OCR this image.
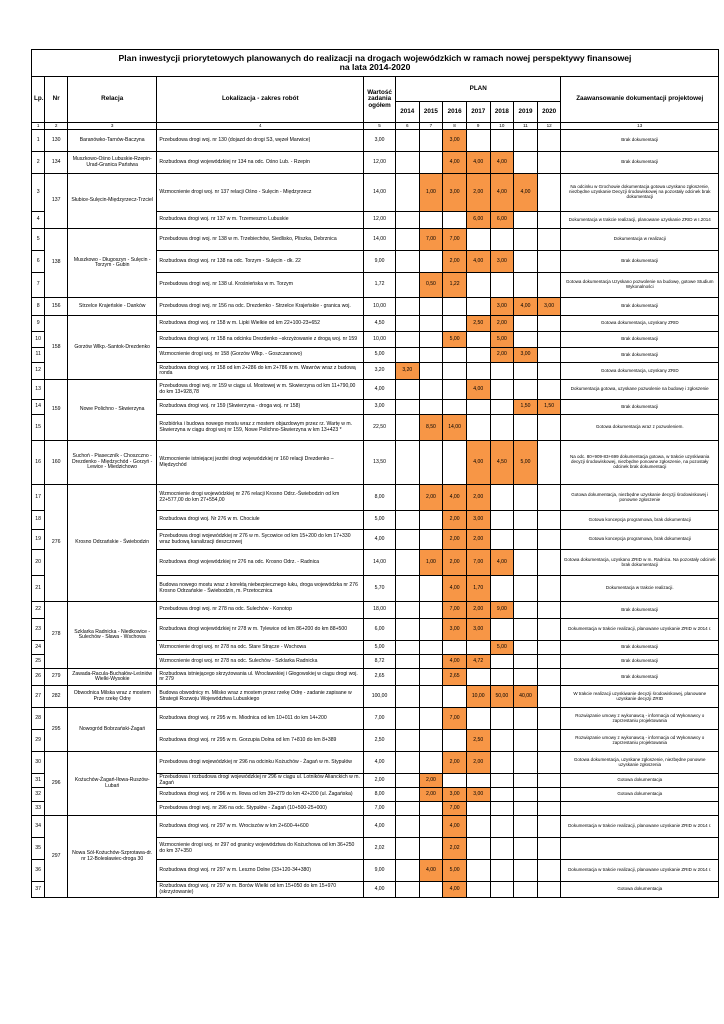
Plan inwestycji priorytetowych planowanych do realizacji na drogach wojewódzkich w ramach nowej perspektywy finansowej
na lata 2014-2020												

Lp.	Nr	Relacja	Lokalizacja - zakres robót	Wartość zadania ogółem	PLAN							Zaawansowanie dokumentacji projektowej
					2014	2015	2016	2017	2018	2019	2020	
1	2	3	4	5	6	7	8	9	10	11	12	13
1	130	Baranówko-Tarnów-Baczyna	Przebudowa drogi woj. nr 130 (dojazd do drogi S3, węzeł Marwice)	3,00			3,00					Brak dokumentacji
2	134	Muszkowo-Ośno Lubuskie-Rzepin-Urad-Granica Państwa	Rozbudowa drogi wojewódzkiej nr 134 na odc. Ośno Lub. - Rzepin	12,00			4,00	4,00	4,00			Brak dokumentacji
3	137	Słubice-Sulęcin-Międzyrzecz-Trzciel	Wzmocnienie drogi woj. nr 137 relacji Ośno - Sulęcin - Międzyrzecz	14,00		1,00	3,00	2,00	4,00	4,00		Na odcinku w Grochowie dokumentacja gotowa uzyskano zgłoszenie, niezbędne uzyskanie Decyzji środowiskowej na pozostały odcinek brak dokumentacji
4			Rozbudowa drogi woj. nr 137 w m. Trzemeszno Lubuskie	12,00				6,00	6,00			Dokumentacja w trakcie realizacji, planowane uzyskanie ZRID w I.2014
5	138	Muszkowo - Długoszyn - Sulęcin - Torzym - Gubin	Przebudowa drogi woj. nr 138 w m. Trzebiechów, Siedlisko, Pliszka, Debrznica	14,00		7,00	7,00					Dokumentacja w realizacji
6			Rozbudowa drogi woj. nr 138 na odc. Torzym - Sulęcin - dk. 22	9,00			2,00	4,00	3,00			Brak dokumentacji
7			Przebudowa drogi woj. nr 138 ul. Krośnieńska w m. Torzym	1,72		0,50	1,22					Gotowa dokumentacja Uzyskano pozwolenie na budowę, gotowe Studium Wykonalności
8	156	Strzelce Krajeńskie - Danków	Przebudowa drogi woj. nr 156 na odc. Drezdenko - Strzelce Krajeńskie - granica woj.	10,00					3,00	4,00	3,00	Brak dokumentacji
9	158	Gorzów Wlkp.-Santok-Drezdenko	Rozbudowa drogi woj. nr 158 w m. Lipki Wielkie od km 22+100-23+652	4,50				2,50	2,00			Gotowa dokumentacja, uzyskany ZRID
10			Rozbudowa drogi woj. nr 158 na odcinku Drezdenko –skrzyżowanie z drogą woj. nr 159	10,00			5,00		5,00			Brak dokumentacji
11			Wzmocnienie drogi woj. nr 158 (Gorzów Wlkp. - Goszczanowo)	5,00					2,00	3,00		Brak dokumentacji
12			Rozbudowa drogi woj. nr 158 od km 2+286 do km 2+786 w m. Wawrów wraz z budową ronda	3,20	3,20							Gotowa dokumentacja, uzyskany ZRID
13	159	Nowe Polichno - Skwierzyna	Przebudowa drogi woj. nr 159 w ciągu ul. Mostowej w m. Skwierzyna od km 11+790,00 do km 13+928,78	4,00				4,00				Dokumentacja gotowa, uzyskane pozwolenie na budowę i zgłoszenie
14			Rozbudowa drogi woj. nr 159 (Skwierzyna - droga woj. nr 158)	3,00						1,50	1,50	Brak dokumentacji
15			Rozbiórka i budowa nowego mostu wraz z mostem objazdowym przez rz. Wartę w m. Skwierzyna w ciągu drogi woj nr 159, Nowe Polichno-Skwierzyna w km 13+423 *	22,50		8,50	14,00					Gotowa dokumentacja wraz z pozwoleniem.
16	160	Suchoń - Piaseczník - Choszczno - Drezdenko - Międzychód - Gorzyń - Lewice - Miedzichowo	Wzmocnienie istniejącej jezdni drogi wojewódzkiej nr 160 relacji Drezdenko – Międzychód	13,50				4,00	4,50	5,00		Na odc. 80+909-83+699 dokumentacja gotowa, w trakcie uzyskiwania decyzji środowiskowej, niezbędne ponowne zgłoszenie, na pozostały odcinek brak dokumentacji
17	276	Krosno Odrzańskie - Świebodzin	Wzmocnienie drogi wojewódzkiej nr 276 relacji Krosno Odrz.-Świebodzin od km 22+577,00 do km 27+554,00	8,00		2,00	4,00	2,00				Gotowa dokumentacja, niezbędne uzyskanie decyzji środowiskowej i ponowne zgłoszenie
18			Rozbudowa drogi woj. Nr 276 w m. Chociule	5,00			2,00	3,00				Gotowa koncepcja programowa, brak dokumentacji
19			Przebudowa drogi wojewódzkiej nr 276 w m. Sycowice od km 15+200 do km 17+330 wraz budową kanalizacji deszczowej	4,00			2,00	2,00				Gotowa koncepcja programowa, brak dokumentacji
20			Rozbudowa drogi wojewódzkiej nr 276 na odc. Krosno Odrz. - Radnica	14,00		1,00	2,00	7,00	4,00			Gotowa dokumentacja, uzyskano ZRID w m. Radnica. Na pozostały odcinek brak dokumentacji
21			Budowa nowego mostu wraz z korektą niebezpiecznego łuku, droga wojewódzka nr 276 Krosno Odrzańskie - Świebodzin, m. Przetocznica	5,70			4,00	1,70				Dokumentacja w trakcie realizacji.
22	278	Szklarka Radnicka - Niedkowice - Sulechów - Sława - Wschowa	Przebudowa drogi woj. nr 278 na odc. Sulechów - Konotop	18,00			7,00	2,00	9,00			Brak dokumentacji
23			Rozbudowa drogi wojewódzkiej nr 278 w m. Tylewice od km 86+200 do km 88+500	6,00			3,00	3,00				Dokumentacja w trakcie realizacji, planowane uzyskanie ZRID w 2014 r.
24			Wzmocnienie drogi woj. nr 278 na odc. Stare Strącze - Wschowa	5,00					5,00			Brak dokumentacji
25			Wzmocnienie drogi woj. nr 278 na odc. Sulechów - Szklarka Radnicka	8,72			4,00	4,72				Brak dokumentacji
26	279	Zawada-Racula-Buchałów-Leśniów Wielki-Wysokie	Rozbudowa istniejącego skrzyżowania ul. Wrocławskiej i Głogowskiej w ciągu drogi woj. nr 279	2,65			2,65					Brak dokumentacji
27	282	Obwodnica Milska wraz z mostem Prze rzekę Odrę	Budowa obwodnicy m. Milsko wraz z mostem przez rzekę Odrę - zadanie zapisane w Strategii Rozwoju Województwa Lubuskiego	100,00				10,00	50,00	40,00		W trakcie realizacji uzyskiwanie decyzji środowiskowej, planowane uzyskanie decyzji ZRID
28	295	Nowogród Bobrzański-Żagań	Rozbudowa drogi woj. nr 295 w m. Miodnica od km 10+011 do km 14+200	7,00			7,00					Rozwiązanie umowy z wykonawcą - informacja od Wykonawcy o zaprzestaniu projektowania
29			Rozbudowa drogi woj. nr 295 w m. Gorzupia Dolna od km 7+810 do km 8+389	2,50				2,50				Rozwiązanie umowy z wykonawcą - informacja od Wykonawcy o zaprzestaniu projektowania
30	296	Kożuchów-Żagań-Iłowa-Ruszów-Lubań	Przebudowa drogi wojewódzkiej nr 296 na odcinku Kożuchów - Żagań w m. Stypułów	4,00			2,00	2,00				Gotowa dokumentacja, uzyskane zgłoszenie, niezbędne ponowne uzyskanie zgłoszenia
31			Przebudowa i rozbudowa drogi wojewódzkiej nr 296 w ciągu ul. Lotników Alianckich w m. Żagań	2,00		2,00						Gotowa dokumentacja
32			Rozbudowa drogi woj. nr 296 w m. Iłowa od km 39+279 do km 42+200 (ul. Żagańska)	8,00		2,00	3,00	3,00				Gotowa dokumentacja
33			Przebudowa drogi woj. nr 296 na odc. Stypułów - Żagań (10+500-25+000)	7,00			7,00					
34	297	Nowa Sól-Kożuchów-Szprotawa-dr. nr 12-Bolesławiec-droga 30	Rozbudowa drogi woj. nr 297 w m. Wrociszów w km 2+600-4+600	4,00			4,00					Dokumentacja w trakcie realizacji, planowane uzyskanie ZRID w 2014 r.
35			Wzmocnienie drogi woj. nr 297 od granicy województwa do Kożuchowa od km 36+250 do km 37+350	2,02			2,02					
36			Rozbudowa drogi woj. nr 297 w m. Leszno Dolne (33+120-34+380)	9,00		4,00	5,00					Dokumentacja w trakcie realizacji, planowane uzyskanie ZRID w 2014 r.
37			Rozbudowa drogi woj. nr 297 w m. Borów Wielki od km 15+050 do km 15+970 (skrzyżowanie)	4,00			4,00					Gotowa dokumentacja
